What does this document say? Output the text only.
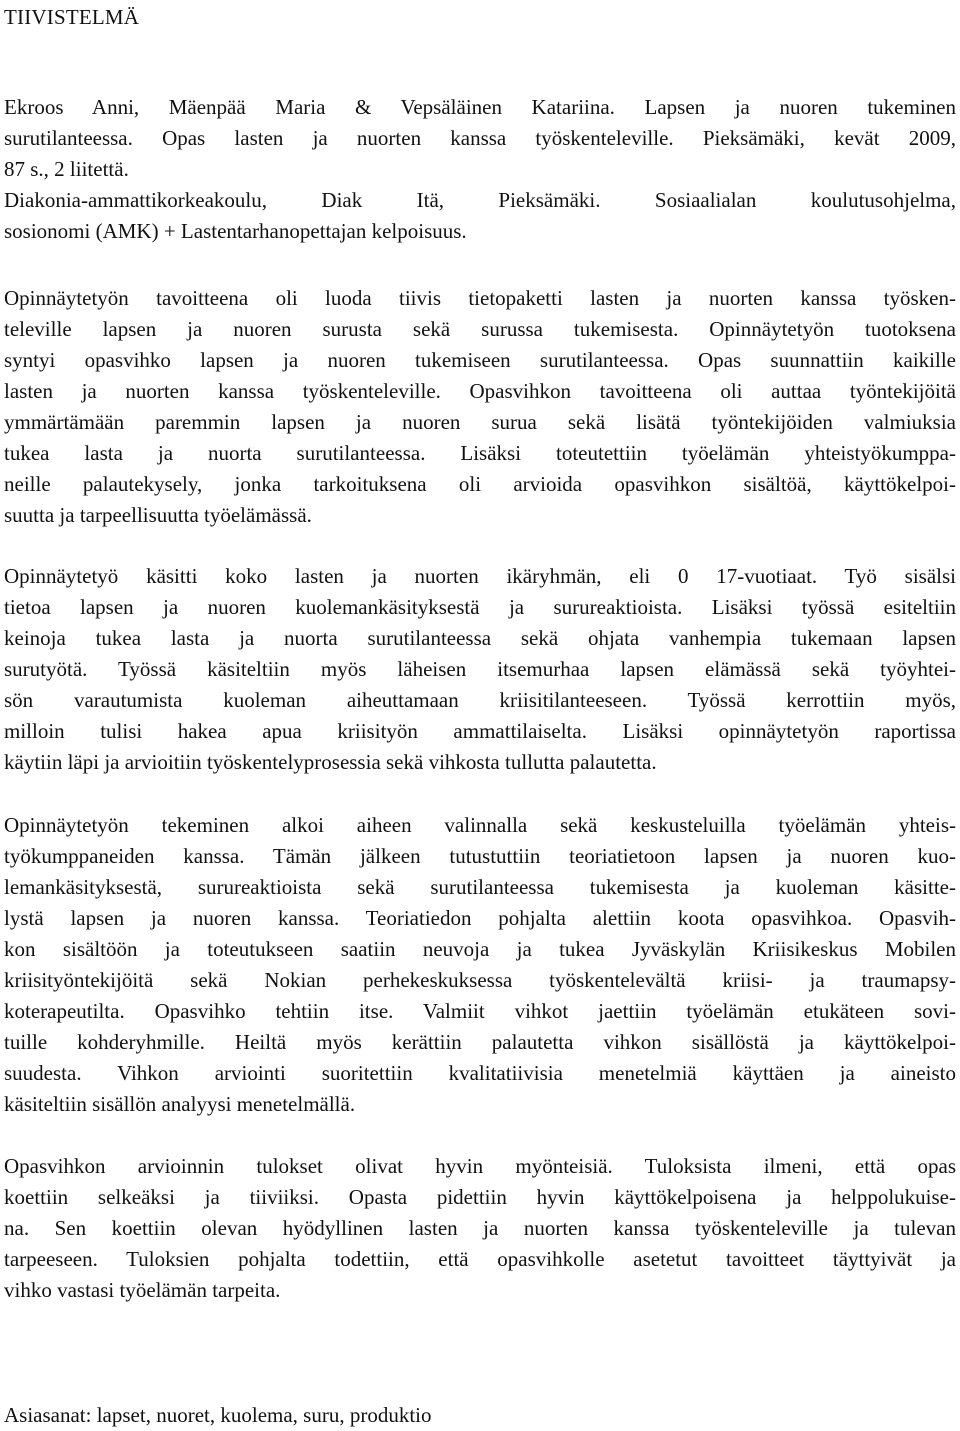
TIIVISTELMÄ
Ekroos Anni, Mäenpää Maria & Vepsäläinen Katariina. Lapsen ja nuoren tukeminen
surutilanteessa. Opas lasten ja nuorten kanssa työskenteleville. Pieksämäki, kevät 2009,
87 s., 2 liitettä.
Diakonia-ammattikorkeakoulu, Diak Itä, Pieksämäki. Sosiaalialan koulutusohjelma,
sosionomi (AMK) + Lastentarhanopettajan kelpoisuus.
Opinnäytetyön tavoitteena oli luoda tiivis tietopaketti lasten ja nuorten kanssa työsken-
televille lapsen ja nuoren surusta sekä surussa tukemisesta. Opinnäytetyön tuotoksena
syntyi opasvihko lapsen ja nuoren tukemiseen surutilanteessa. Opas suunnattiin kaikille
lasten ja nuorten kanssa työskenteleville. Opasvihkon tavoitteena oli auttaa työntekijöitä
ymmärtämään paremmin lapsen ja nuoren surua sekä lisätä työntekijöiden valmiuksia
tukea lasta ja nuorta surutilanteessa. Lisäksi toteutettiin työelämän yhteistyökumppa-
neille palautekysely, jonka tarkoituksena oli arvioida opasvihkon sisältöä, käyttökelpoi-
suutta ja tarpeellisuutta työelämässä.
Opinnäytetyö käsitti koko lasten ja nuorten ikäryhmän, eli 0 17-vuotiaat. Työ sisälsi
tietoa lapsen ja nuoren kuolemankäsityksestä ja surureaktioista. Lisäksi työssä esiteltiin
keinoja tukea lasta ja nuorta surutilanteessa sekä ohjata vanhempia tukemaan lapsen
surutyötä. Työssä käsiteltiin myös läheisen itsemurhaa lapsen elämässä sekä työyhtei-
sön varautumista kuoleman aiheuttamaan kriisitilanteeseen. Työssä kerrottiin myös,
milloin tulisi hakea apua kriisityön ammattilaiselta. Lisäksi opinnäytetyön raportissa
käytiin läpi ja arvioitiin työskentelyprosessia sekä vihkosta tullutta palautetta.
Opinnäytetyön tekeminen alkoi aiheen valinnalla sekä keskusteluilla työelämän yhteis-
työkumppaneiden kanssa. Tämän jälkeen tutustuttiin teoriatietoon lapsen ja nuoren kuo-
lemankäsityksestä, surureaktioista sekä surutilanteessa tukemisesta ja kuoleman käsitte-
lystä lapsen ja nuoren kanssa. Teoriatiedon pohjalta alettiin koota opasvihkoa. Opasvih-
kon sisältöön ja toteutukseen saatiin neuvoja ja tukea Jyväskylän Kriisikeskus Mobilen
kriisityöntekijöitä sekä Nokian perhekeskuksessa työskentelevältä kriisi- ja traumapsy-
koterapeutilta. Opasvihko tehtiin itse. Valmiit vihkot jaettiin työelämän etukäteen sovi-
tuille kohderyhmille. Heiltä myös kerättiin palautetta vihkon sisällöstä ja käyttökelpoi-
suudesta. Vihkon arviointi suoritettiin kvalitatiivisia menetelmiä käyttäen ja aineisto
käsiteltiin sisällön analyysi menetelmällä.
Opasvihkon arvioinnin tulokset olivat hyvin myönteisiä. Tuloksista ilmeni, että opas
koettiin selkeäksi ja tiiviiksi. Opasta pidettiin hyvin käyttökelpoisena ja helppolukuise-
na. Sen koettiin olevan hyödyllinen lasten ja nuorten kanssa työskenteleville ja tulevan
tarpeeseen. Tuloksien pohjalta todettiin, että opasvihkolle asetetut tavoitteet täyttyivät ja
vihko vastasi työelämän tarpeita.

Asiasanat: lapset, nuoret, kuolema, suru, produktio
